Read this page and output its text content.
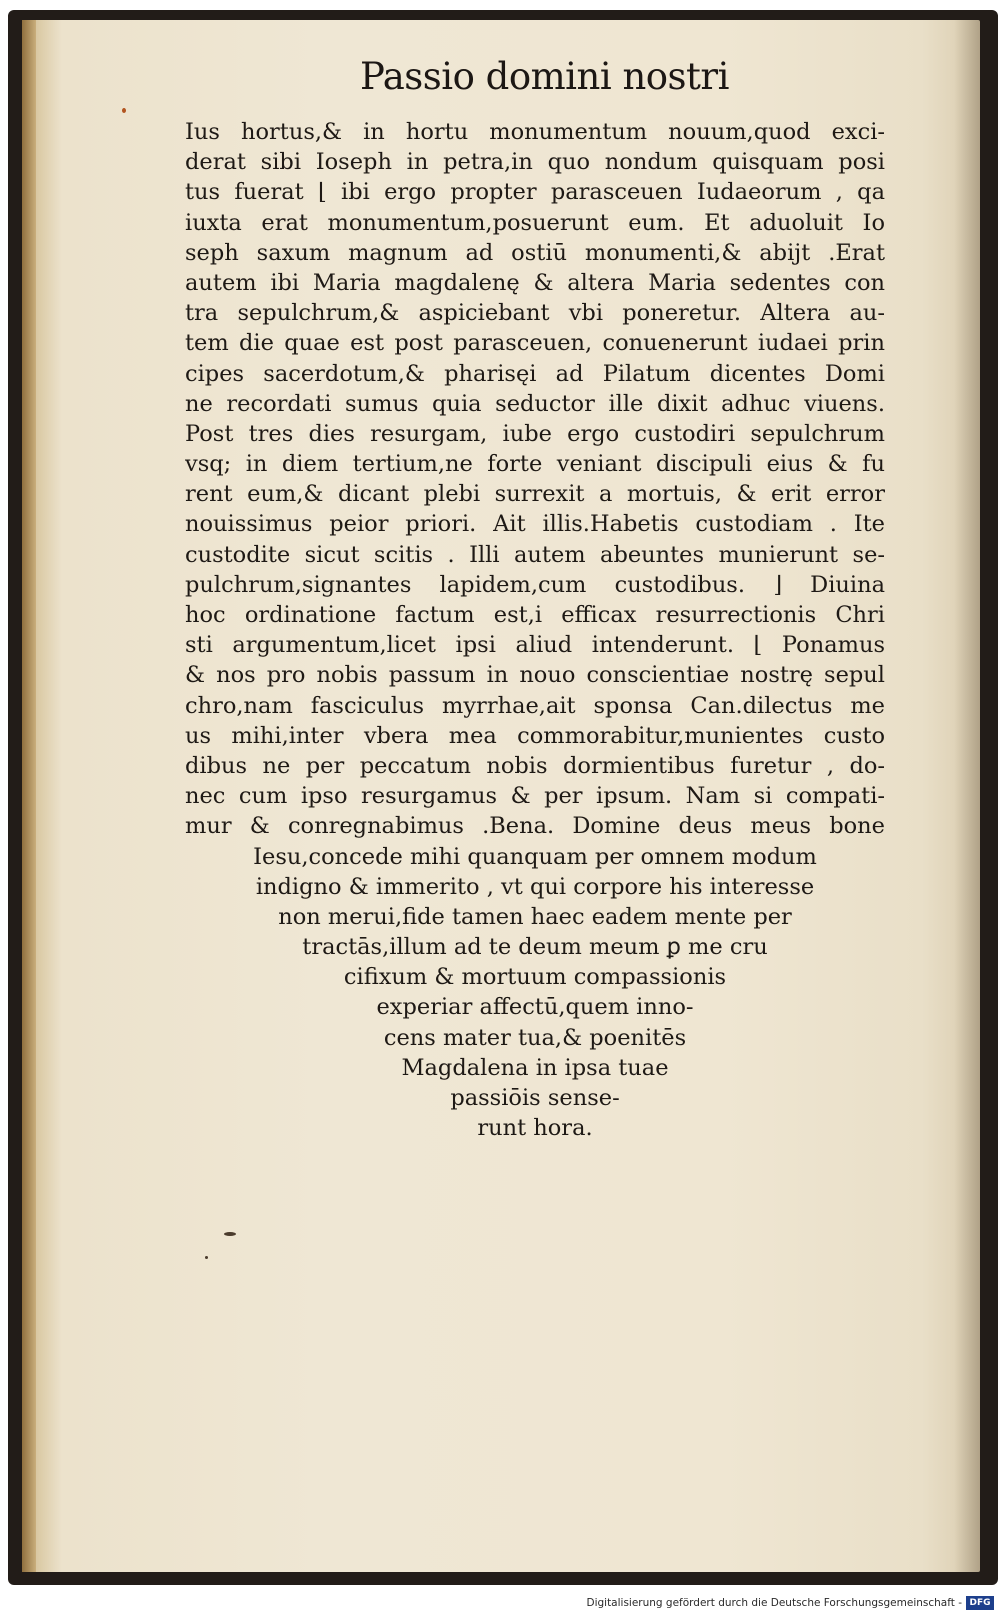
Passio domini nostri
Ius hortus,& in hortu monumentum nouum,quod exci-
derat sibi Ioseph in petra,in quo nondum quisquam posi
tus fuerat ⌊ ibi ergo propter parasceuen Iudaeorum , qa
iuxta erat monumentum,posuerunt eum. Et aduoluit Io
seph saxum magnum ad ostiū monumenti,& abijt .Erat
autem ibi Maria magdalenę & altera Maria sedentes con
tra sepulchrum,& aspiciebant vbi poneretur. Altera au-
tem die quae est post parasceuen, conuenerunt iudaei prin
cipes sacerdotum,& pharisęi ad Pilatum dicentes Domi
ne recordati sumus quia seductor ille dixit adhuc viuens.
Post tres dies resurgam, iube ergo custodiri sepulchrum
vsq; in diem tertium,ne forte veniant discipuli eius & fu
rent eum,& dicant plebi surrexit a mortuis, & erit error
nouissimus peior priori. Ait illis.Habetis custodiam . Ite
custodite sicut scitis . Illi autem abeuntes munierunt se-
pulchrum,signantes lapidem,cum custodibus. ⌋ Diuina
hoc ordinatione factum est,i efficax resurrectionis Chri
sti argumentum,licet ipsi aliud intenderunt. ⌊ Ponamus
& nos pro nobis passum in nouo conscientiae nostrę sepul
chro,nam fasciculus myrrhae,ait sponsa Can.dilectus me
us mihi,inter vbera mea commorabitur,munientes custo
dibus ne per peccatum nobis dormientibus furetur , do-
nec cum ipso resurgamus & per ipsum. Nam si compati-
mur & conregnabimus .Bena. Domine deus meus bone
Iesu,concede mihi quanquam per omnem modum
indigno & immerito , vt qui corpore his interesse
non merui,fide tamen haec eadem mente per
tractās,illum ad te deum meum ꝑ me cru
cifixum & mortuum compassionis
experiar affectū,quem inno-
cens mater tua,& poenitēs
Magdalena in ipsa tuae
passiōis sense-
runt hora.
Digitalisierung gefördert durch die Deutsche Forschungsgemeinschaft - DFG
